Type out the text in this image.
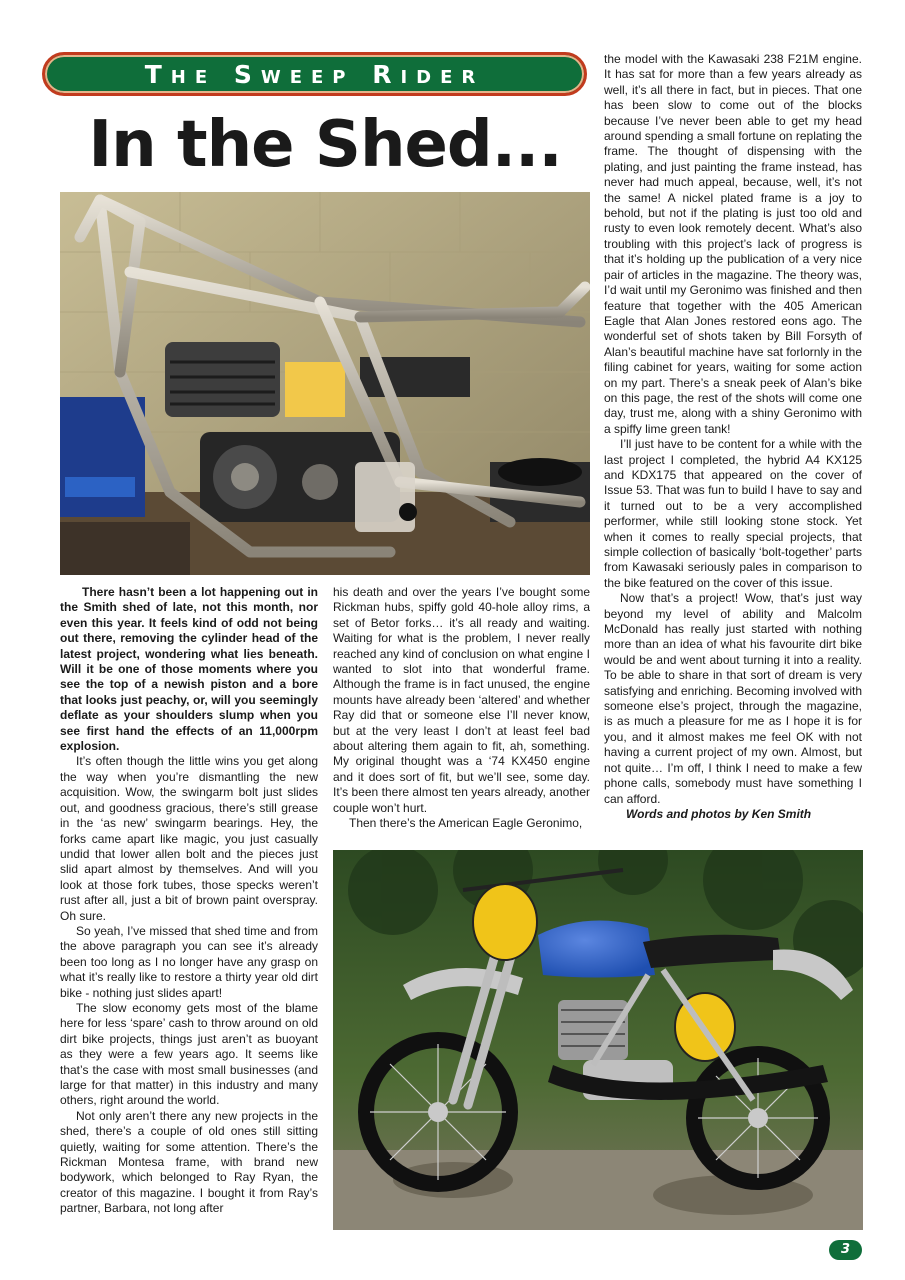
The Sweep Rider
In the Shed...

There hasn’t been a lot happening out in the Smith shed of late, not this month, nor even this year. It feels kind of odd not being out there, removing the cylinder head of the latest project, wondering what lies beneath. Will it be one of those moments where you see the top of a newish piston and a bore that looks just peachy, or, will you seemingly deflate as your shoulders slump when you see first hand the effects of an 11,000rpm explosion.

It’s often though the little wins you get along the way when you’re dismantling the new acquisition. Wow, the swingarm bolt just slides out, and goodness gracious, there’s still grease in the ‘as new’ swingarm bearings. Hey, the forks came apart like magic, you just casually undid that lower allen bolt and the pieces just slid apart almost by themselves. And will you look at those fork tubes, those specks weren’t rust after all, just a bit of brown paint overspray. Oh sure.

So yeah, I’ve missed that shed time and from the above paragraph you can see it’s already been too long as I no longer have any grasp on what it’s really like to restore a thirty year old dirt bike - nothing just slides apart!

The slow economy gets most of the blame here for less ‘spare’ cash to throw around on old dirt bike projects, things just aren’t as buoyant as they were a few years ago. It seems like that’s the case with most small businesses (and large for that matter) in this industry and many others, right around the world.

Not only aren’t there any new projects in the shed, there’s a couple of old ones still sitting quietly, waiting for some attention. There’s the Rickman Montesa frame, with brand new bodywork, which belonged to Ray Ryan, the creator of this magazine. I bought it from Ray’s partner, Barbara, not long after

his death and over the years I’ve bought some Rickman hubs, spiffy gold 40-hole alloy rims, a set of Betor forks… it’s all ready and waiting. Waiting for what is the problem, I never really reached any kind of conclusion on what engine I wanted to slot into that wonderful frame. Although the frame is in fact unused, the engine mounts have already been ‘altered’ and whether Ray did that or someone else I’ll never know, but at the very least I don’t at least feel bad about altering them again to fit, ah, something. My original thought was a ‘74 KX450 engine and it does sort of fit, but we’ll see, some day. It’s been there almost ten years already, another couple won’t hurt.

Then there’s the American Eagle Geronimo,

the model with the Kawasaki 238 F21M engine. It has sat for more than a few years already as well, it’s all there in fact, but in pieces. That one has been slow to come out of the blocks because I’ve never been able to get my head around spending a small fortune on replating the frame. The thought of dispensing with the plating, and just painting the frame instead, has never had much appeal, because, well, it’s not the same! A nickel plated frame is a joy to behold, but not if the plating is just too old and rusty to even look remotely decent. What’s also troubling with this project’s lack of progress is that it’s holding up the publication of a very nice pair of articles in the magazine. The theory was, I’d wait until my Geronimo was finished and then feature that together with the 405 American Eagle that Alan Jones restored eons ago. The wonderful set of shots taken by Bill Forsyth of Alan’s beautiful machine have sat forlornly in the filing cabinet for years, waiting for some action on my part. There’s a sneak peek of Alan’s bike on this page, the rest of the shots will come one day, trust me, along with a shiny Geronimo with a spiffy lime green tank!

I’ll just have to be content for a while with the last project I completed, the hybrid A4 KX125 and KDX175 that appeared on the cover of Issue 53. That was fun to build I have to say and it turned out to be a very accomplished performer, while still looking stone stock. Yet when it comes to really special projects, that simple collection of basically ‘bolt-together’ parts from Kawasaki seriously pales in comparison to the bike featured on the cover of this issue.

Now that’s a project! Wow, that’s just way beyond my level of ability and Malcolm McDonald has really just started with nothing more than an idea of what his favourite dirt bike would be and went about turning it into a reality. To be able to share in that sort of dream is very satisfying and enriching. Becoming involved with someone else’s project, through the magazine, is as much a pleasure for me as I hope it is for you, and it almost makes me feel OK with not having a current project of my own. Almost, but not quite… I’m off, I think I need to make a few phone calls, somebody must have something I can afford.

Words and photos by Ken Smith

3
